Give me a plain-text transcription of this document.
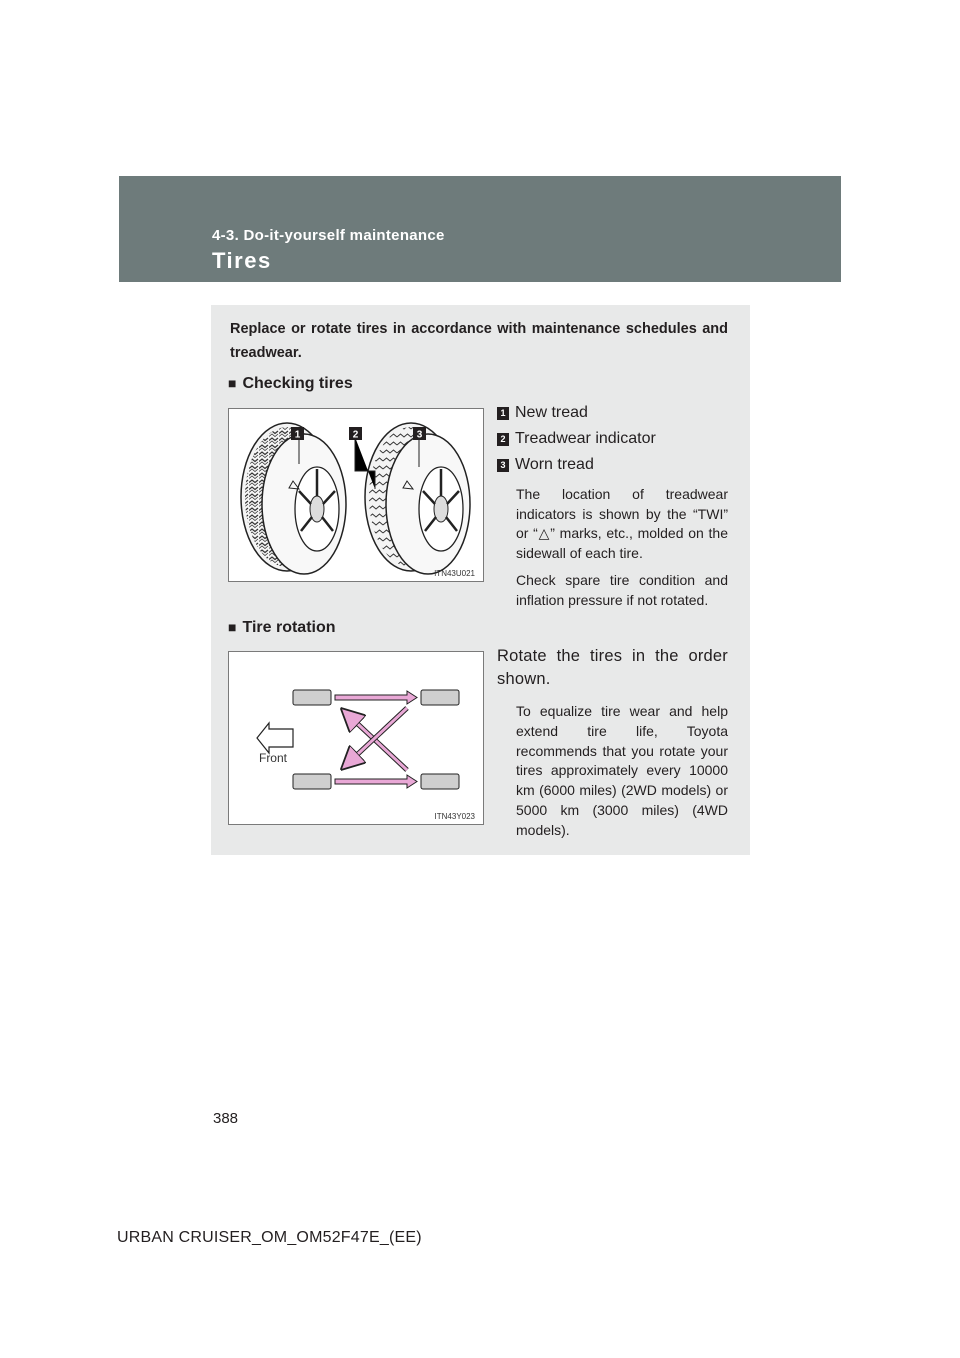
4-3. Do-it-yourself maintenance
Tires
Replace or rotate tires in accordance with maintenance schedules and treadwear.
■ Checking tires
1	2	3
ITN43U021
1 New tread
2 Treadwear indicator
3 Worn tread
The location of treadwear indicators is shown by the “TWI” or “△” marks, etc., molded on the sidewall of each tire.
Check spare tire condition and inflation pressure if not rotated.
■ Tire rotation
Front
ITN43Y023
Rotate the tires in the order shown.
To equalize tire wear and help extend tire life, Toyota recommends that you rotate your tires approximately every 10000 km (6000 miles) (2WD models) or 5000 km (3000 miles) (4WD models).
388
URBAN CRUISER_OM_OM52F47E_(EE)
